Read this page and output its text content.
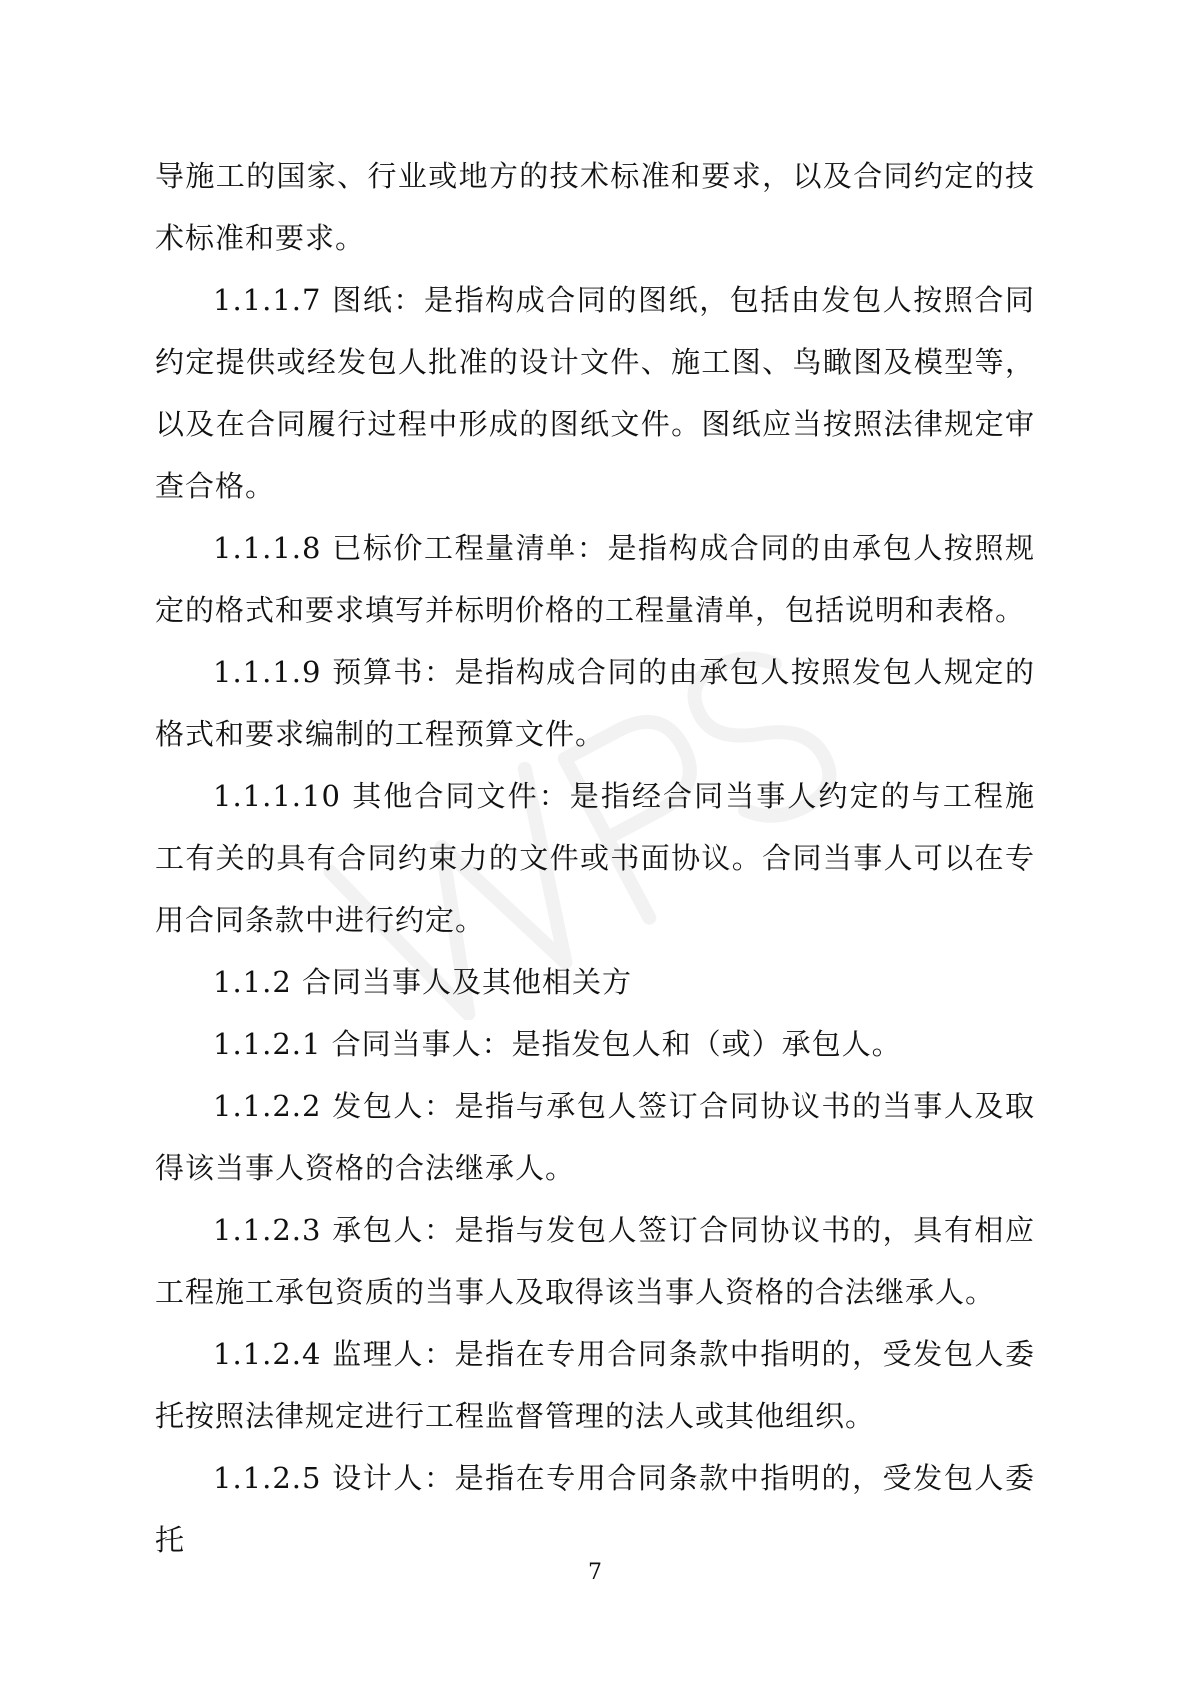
导施工的国家、行业或地方的技术标准和要求，以及合同约定的技术标准和要求。

1.1.1.7 图纸：是指构成合同的图纸，包括由发包人按照合同约定提供或经发包人批准的设计文件、施工图、鸟瞰图及模型等，以及在合同履行过程中形成的图纸文件。图纸应当按照法律规定审查合格。

1.1.1.8 已标价工程量清单：是指构成合同的由承包人按照规定的格式和要求填写并标明价格的工程量清单，包括说明和表格。

1.1.1.9 预算书：是指构成合同的由承包人按照发包人规定的格式和要求编制的工程预算文件。

1.1.1.10 其他合同文件：是指经合同当事人约定的与工程施工有关的具有合同约束力的文件或书面协议。合同当事人可以在专用合同条款中进行约定。

1.1.2 合同当事人及其他相关方

1.1.2.1 合同当事人：是指发包人和（或）承包人。

1.1.2.2 发包人：是指与承包人签订合同协议书的当事人及取得该当事人资格的合法继承人。

1.1.2.3 承包人：是指与发包人签订合同协议书的，具有相应工程施工承包资质的当事人及取得该当事人资格的合法继承人。

1.1.2.4 监理人：是指在专用合同条款中指明的，受发包人委托按照法律规定进行工程监督管理的法人或其他组织。

1.1.2.5 设计人：是指在专用合同条款中指明的，受发包人委托

7
